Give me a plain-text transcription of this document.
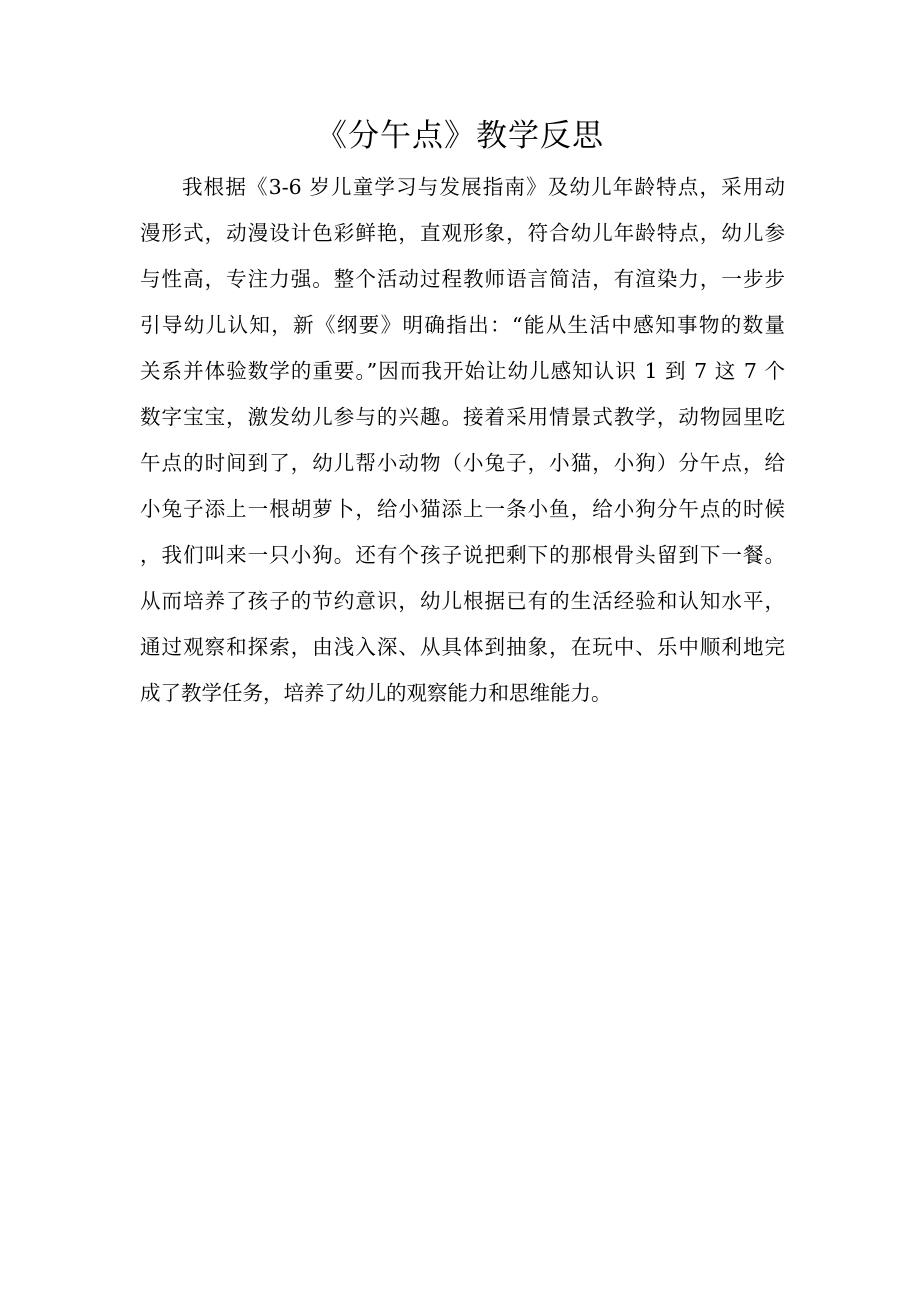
《分午点》教学反思
我根据《3-6 岁儿童学习与发展指南》及幼儿年龄特点，采用动
漫形式，动漫设计色彩鲜艳，直观形象，符合幼儿年龄特点，幼儿参
与性高，专注力强。整个活动过程教师语言简洁，有渲染力，一步步
引导幼儿认知，新《纲要》明确指出：“能从生活中感知事物的数量
关系并体验数学的重要。”因而我开始让幼儿感知认识 1 到 7 这 7 个
数字宝宝，激发幼儿参与的兴趣。接着采用情景式教学，动物园里吃
午点的时间到了，幼儿帮小动物（小兔子，小猫，小狗）分午点，给
小兔子添上一根胡萝卜，给小猫添上一条小鱼，给小狗分午点的时候
，我们叫来一只小狗。还有个孩子说把剩下的那根骨头留到下一餐。
从而培养了孩子的节约意识，幼儿根据已有的生活经验和认知水平，
通过观察和探索，由浅入深、从具体到抽象，在玩中、乐中顺利地完
成了教学任务，培养了幼儿的观察能力和思维能力。
